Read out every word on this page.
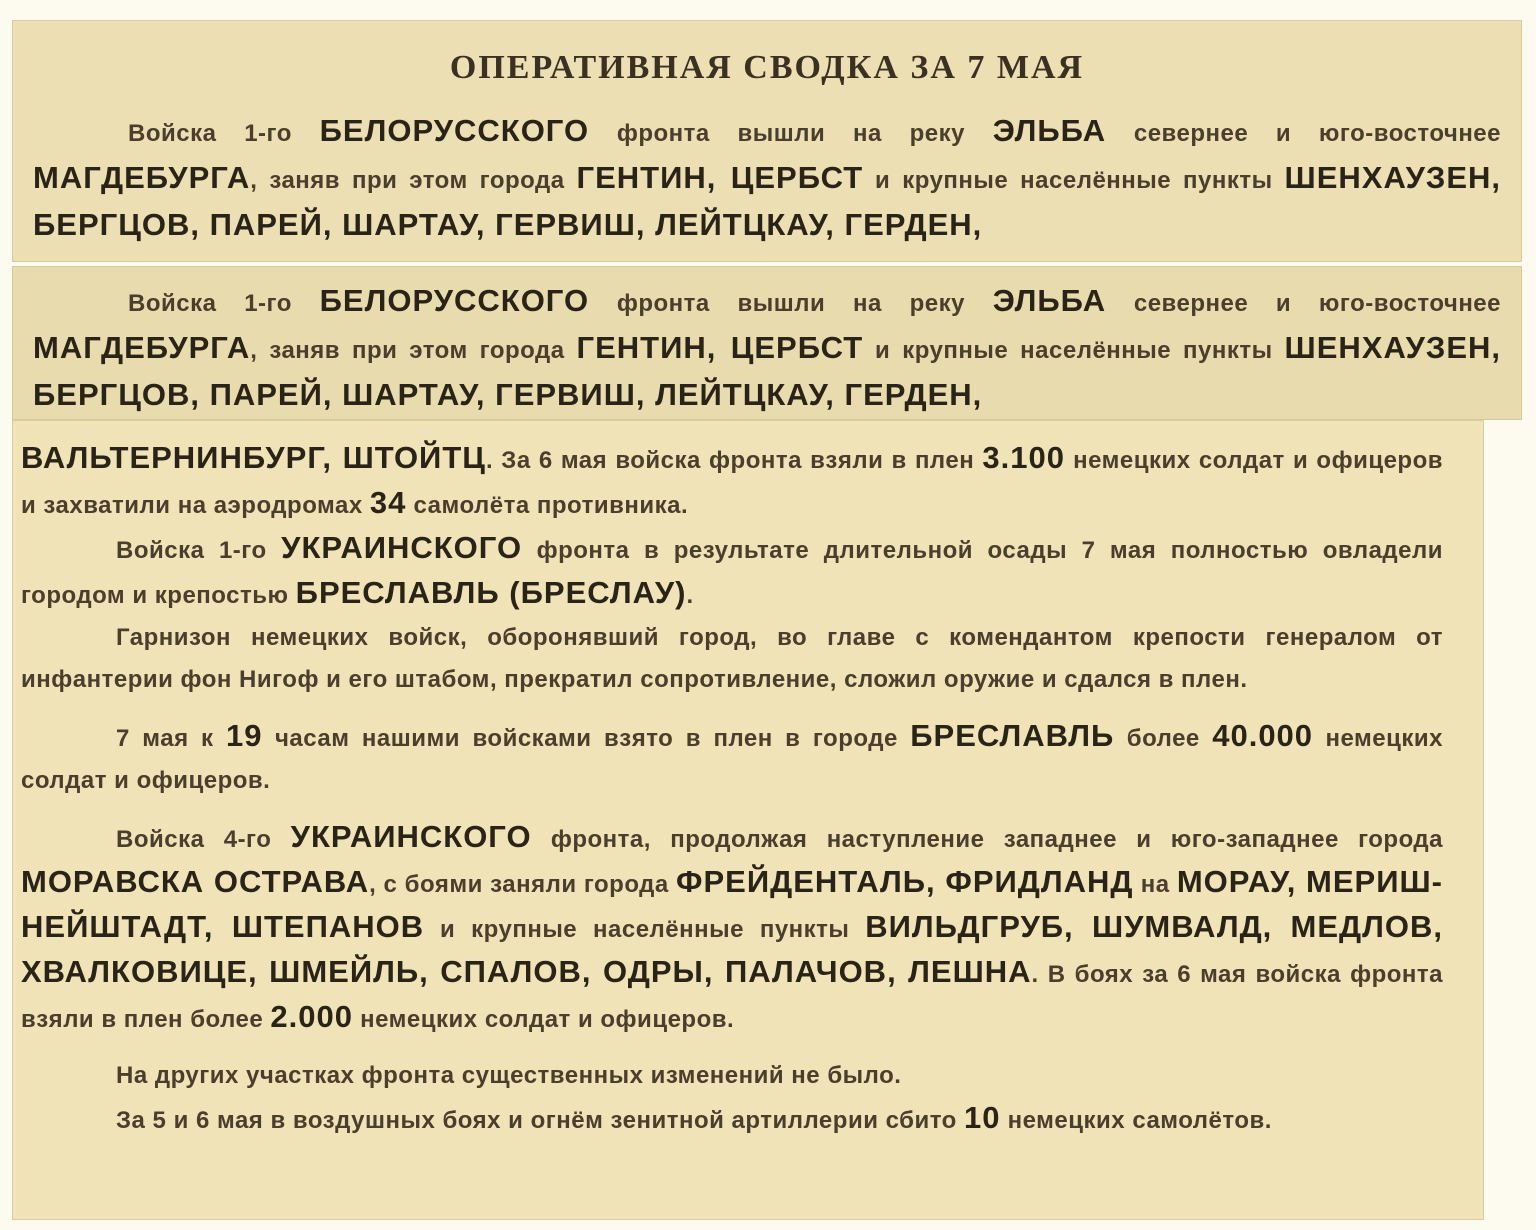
ОПЕРАТИВНАЯ СВОДКА ЗА 7 МАЯ

Войска 1-го БЕЛОРУССКОГО фронта вышли на реку ЭЛЬБА севернее и юго-восточнее МАГДЕБУРГА, заняв при этом города ГЕНТИН, ЦЕРБСТ и крупные населённые пункты ШЕНХАУЗЕН, БЕРГЦОВ, ПАРЕЙ, ШАРТАУ, ГЕРВИШ, ЛЕЙТЦКАУ, ГЕРДЕН,

Войска 1-го БЕЛОРУССКОГО фронта вышли на реку ЭЛЬБА севернее и юго-восточнее МАГДЕБУРГА, заняв при этом города ГЕНТИН, ЦЕРБСТ и крупные населённые пункты ШЕНХАУЗЕН, БЕРГЦОВ, ПАРЕЙ, ШАРТАУ, ГЕРВИШ, ЛЕЙТЦКАУ, ГЕРДЕН,

ВАЛЬТЕРНИНБУРГ, ШТОЙТЦ. За 6 мая войска фронта взяли в плен 3.100 немецких солдат и офицеров и захватили на аэродромах 34 самолёта противника.

Войска 1-го УКРАИНСКОГО фронта в результате длительной осады 7 мая полностью овладели городом и крепостью БРЕСЛАВЛЬ (БРЕСЛАУ).

Гарнизон немецких войск, оборонявший город, во главе с комендантом крепости генералом от инфантерии фон Нигоф и его штабом, прекратил сопротивление, сложил оружие и сдался в плен.

7 мая к 19 часам нашими войсками взято в плен в городе БРЕСЛАВЛЬ более 40.000 немецких солдат и офицеров.

Войска 4-го УКРАИНСКОГО фронта, продолжая наступление западнее и юго-западнее города МОРАВСКА ОСТРАВА, с боями заняли города ФРЕЙДЕНТАЛЬ, ФРИДЛАНД на МОРАУ, МЕРИШ-НЕЙШТАДТ, ШТЕПАНОВ и крупные населённые пункты ВИЛЬДГРУБ, ШУМВАЛД, МЕДЛОВ, ХВАЛКОВИЦЕ, ШМЕЙЛЬ, СПАЛОВ, ОДРЫ, ПАЛАЧОВ, ЛЕШНА. В боях за 6 мая войска фронта взяли в плен более 2.000 немецких солдат и офицеров.

На других участках фронта существенных изменений не было.

За 5 и 6 мая в воздушных боях и огнём зенитной артиллерии сбито 10 немецких самолётов.
